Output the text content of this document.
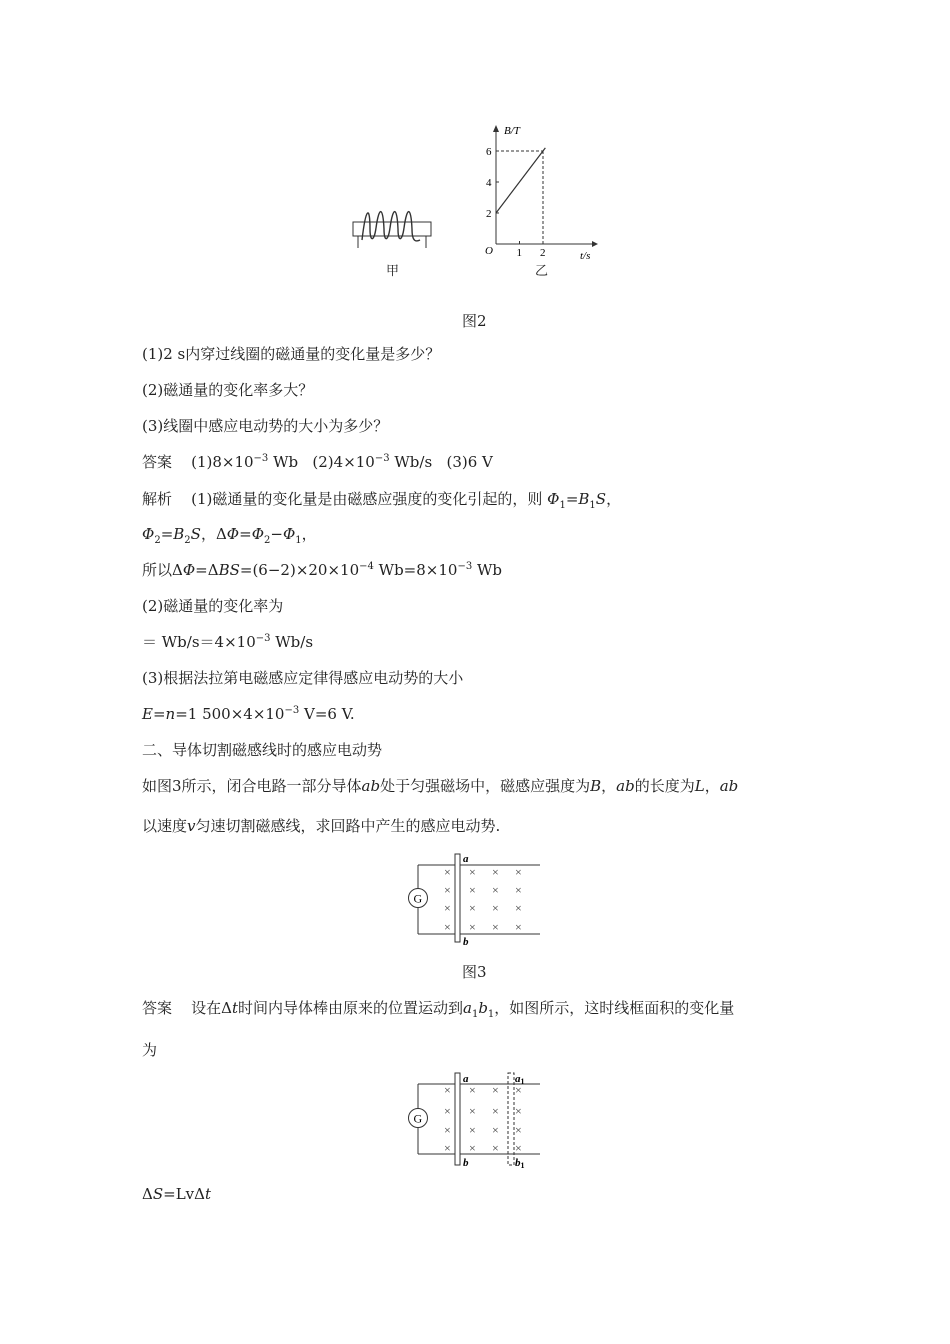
甲
B/T
t/s
O 1 2
2
4
6
乙
图2
(1)2 s内穿过线圈的磁通量的变化量是多少？
(2)磁通量的变化率多大？
(3)线圈中感应电动势的大小为多少？
答案 $(1)8\times 10^{-3}$ Wb $(2)4\times 10^{-3}$ Wb/s (3)6 V
解析 (1)磁通量的变化量是由磁感应强度的变化引起的，则 $\Phi_1=B_1S$，
$\Phi_2=B_2S$，$\Delta\Phi=\Phi_2-\Phi_1$，
所以$\Delta\Phi=\Delta BS=(6-2)\times 20\times 10^{-4}$ $Wb=8\times 10^{-3}$ Wb
(2)磁通量的变化率为
＝ $Wb/s=4\times 10^{-3}$ Wb/s
(3)根据法拉第电磁感应定律得感应电动势的大小
E=n=1 $500\times 4\times 10^{-3}$ V=6 V.
二、导体切割磁感线时的感应电动势
如图3所示，闭合电路一部分导体ab处于匀强磁场中，磁感应强度为B，ab的长度为L，ab
以速度v匀速切割磁感线，求回路中产生的感应电动势.
G
a
b
×
×
×
×
×
×
×
×
×
×
×
×
×
×
×
×
图3
答案 设在Δt时间内导体棒由原来的位置运动到$a_1b_1$，如图所示，这时线框面积的变化量
为
G
a
b
a1
b1
×
×
×
×
×
×
×
×
×
×
×
×
×
×
×
×
ΔS=LvΔt
